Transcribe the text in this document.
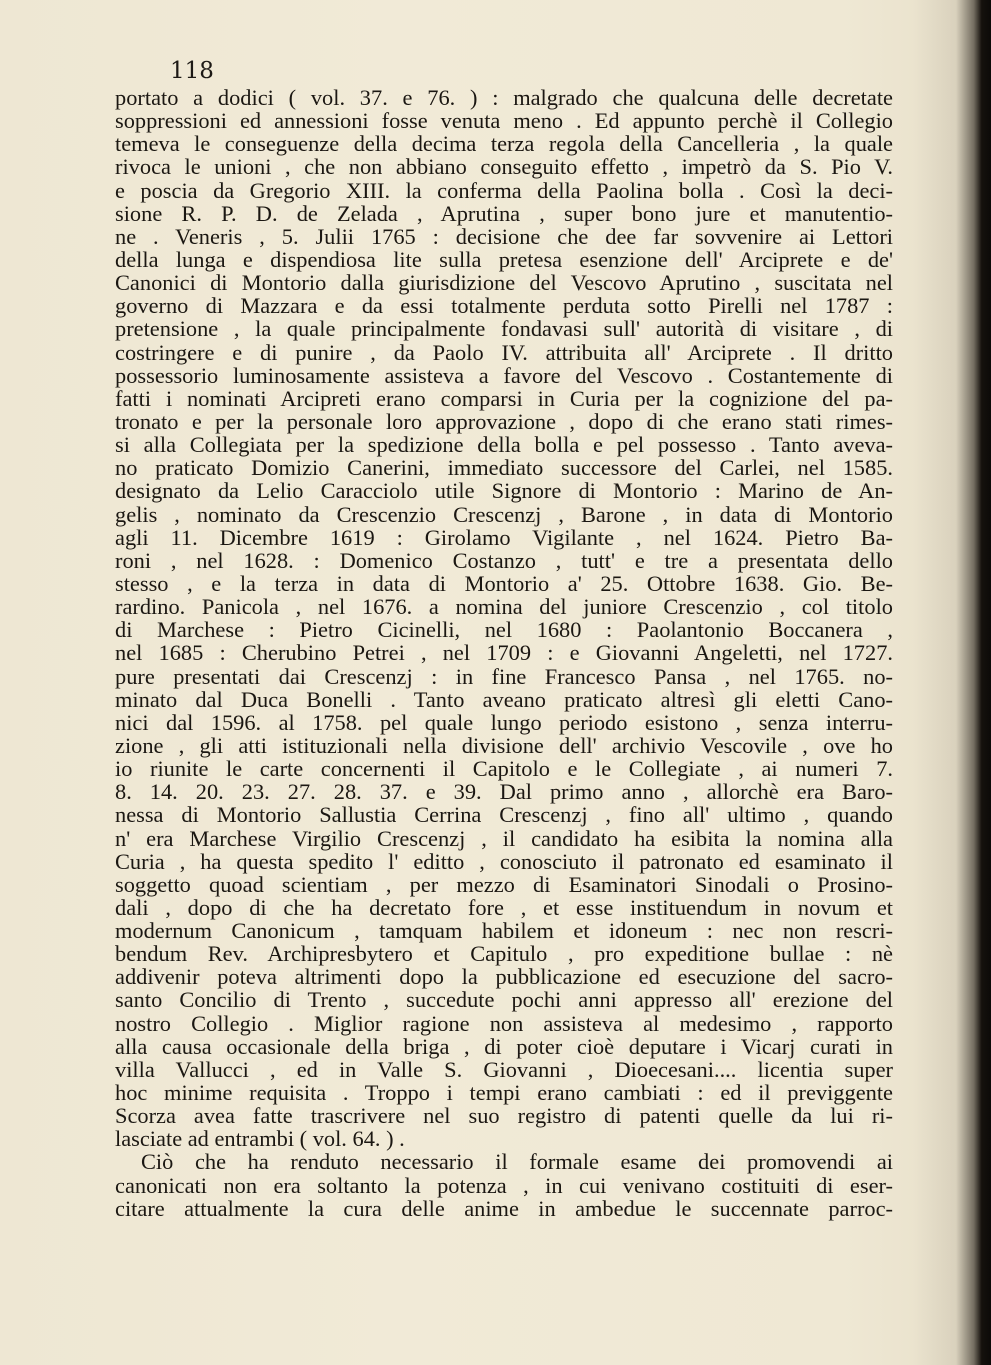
118
portato a dodici ( vol. 37. e 76. ) : malgrado che qualcuna delle decretate
soppressioni ed annessioni fosse venuta meno . Ed appunto perchè il Collegio
temeva le conseguenze della decima terza regola della Cancelleria , la quale
rivoca le unioni , che non abbiano conseguito effetto , impetrò da S. Pio V.
e poscia da Gregorio XIII. la conferma della Paolina bolla . Così la deci-
sione R. P. D. de Zelada , Aprutina , super bono jure et manutentio-
ne . Veneris , 5. Julii 1765 : decisione che dee far sovvenire ai Lettori
della lunga e dispendiosa lite sulla pretesa esenzione dell' Arciprete e de'
Canonici di Montorio dalla giurisdizione del Vescovo Aprutino , suscitata nel
governo di Mazzara e da essi totalmente perduta sotto Pirelli nel 1787 :
pretensione , la quale principalmente fondavasi sull' autorità di visitare , di
costringere e di punire , da Paolo IV. attribuita all' Arciprete . Il dritto
possessorio luminosamente assisteva a favore del Vescovo . Costantemente di
fatti i nominati Arcipreti erano comparsi in Curia per la cognizione del pa-
tronato e per la personale loro approvazione , dopo di che erano stati rimes-
si alla Collegiata per la spedizione della bolla e pel possesso . Tanto aveva-
no praticato Domizio Canerini, immediato successore del Carlei, nel 1585.
designato da Lelio Caracciolo utile Signore di Montorio : Marino de An-
gelis , nominato da Crescenzio Crescenzj , Barone , in data di Montorio
agli 11. Dicembre 1619 : Girolamo Vigilante , nel 1624. Pietro Ba-
roni , nel 1628. : Domenico Costanzo , tutt' e tre a presentata dello
stesso , e la terza in data di Montorio a' 25. Ottobre 1638. Gio. Be-
rardino. Panicola , nel 1676. a nomina del juniore Crescenzio , col titolo
di Marchese : Pietro Cicinelli, nel 1680 : Paolantonio Boccanera ,
nel 1685 : Cherubino Petrei , nel 1709 : e Giovanni Angeletti, nel 1727.
pure presentati dai Crescenzj : in fine Francesco Pansa , nel 1765. no-
minato dal Duca Bonelli . Tanto aveano praticato altresì gli eletti Cano-
nici dal 1596. al 1758. pel quale lungo periodo esistono , senza interru-
zione , gli atti istituzionali nella divisione dell' archivio Vescovile , ove ho
io riunite le carte concernenti il Capitolo e le Collegiate , ai numeri 7.
8. 14. 20. 23. 27. 28. 37. e 39. Dal primo anno , allorchè era Baro-
nessa di Montorio Sallustia Cerrina Crescenzj , fino all' ultimo , quando
n' era Marchese Virgilio Crescenzj , il candidato ha esibita la nomina alla
Curia , ha questa spedito l' editto , conosciuto il patronato ed esaminato il
soggetto quoad scientiam , per mezzo di Esaminatori Sinodali o Prosino-
dali , dopo di che ha decretato fore , et esse instituendum in novum et
modernum Canonicum , tamquam habilem et idoneum : nec non rescri-
bendum Rev. Archipresbytero et Capitulo , pro expeditione bullae : nè
addivenir poteva altrimenti dopo la pubblicazione ed esecuzione del sacro-
santo Concilio di Trento , succedute pochi anni appresso all' erezione del
nostro Collegio . Miglior ragione non assisteva al medesimo , rapporto
alla causa occasionale della briga , di poter cioè deputare i Vicarj curati in
villa Vallucci , ed in Valle S. Giovanni , Dioecesani.... licentia super
hoc minime requisita . Troppo i tempi erano cambiati : ed il previggente
Scorza avea fatte trascrivere nel suo registro di patenti quelle da lui ri-
lasciate ad entrambi ( vol. 64. ) .
Ciò che ha renduto necessario il formale esame dei promovendi ai
canonicati non era soltanto la potenza , in cui venivano costituiti di eser-
citare attualmente la cura delle anime in ambedue le succennate parroc-
